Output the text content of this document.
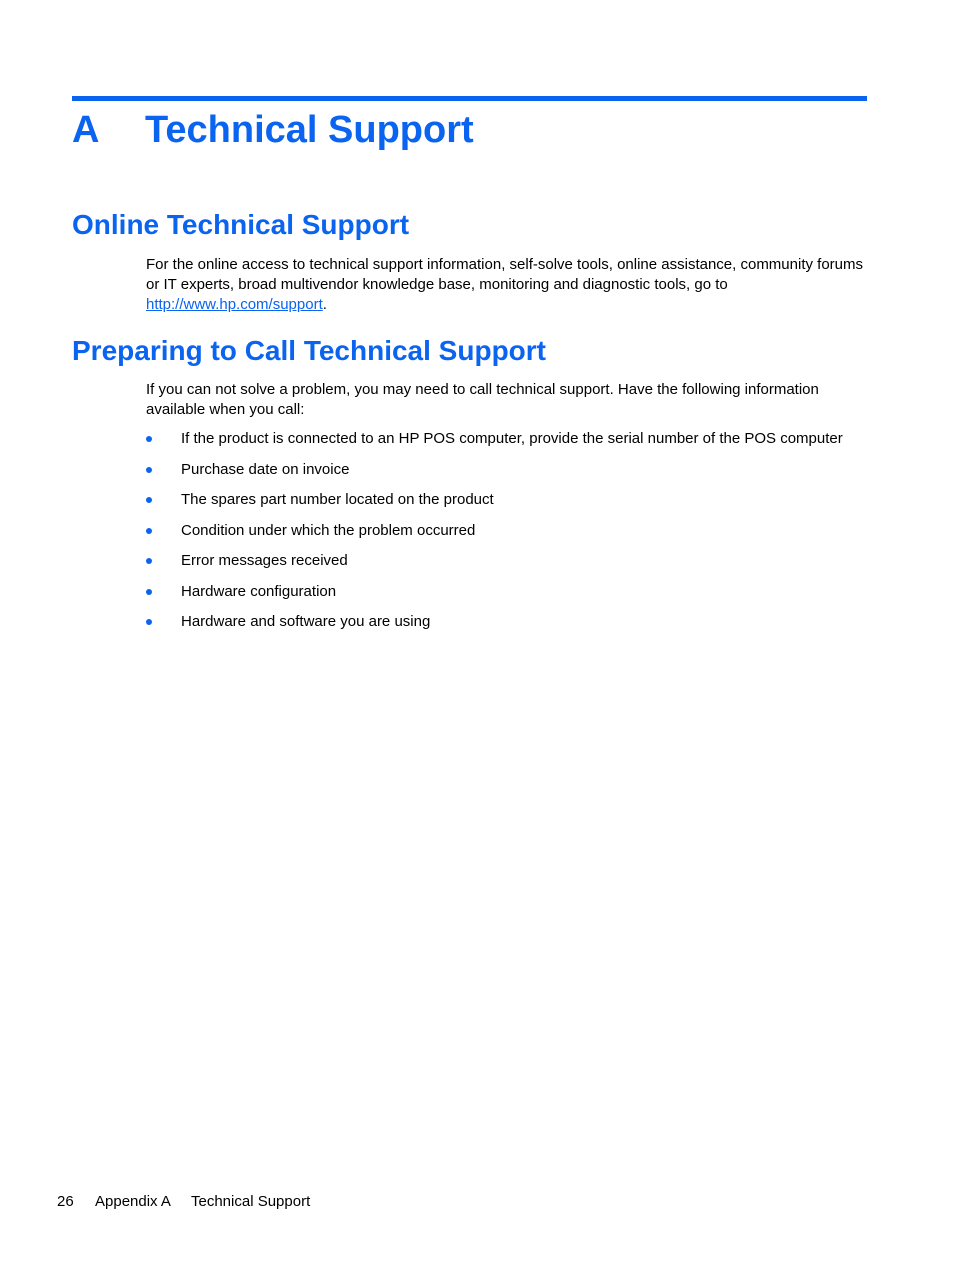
A Technical Support
Online Technical Support

For the online access to technical support information, self-solve tools, online assistance, community forums or IT experts, broad multivendor knowledge base, monitoring and diagnostic tools, go to http://www.hp.com/support.

Preparing to Call Technical Support

If you can not solve a problem, you may need to call technical support. Have the following information available when you call:

If the product is connected to an HP POS computer, provide the serial number of the POS computer
Purchase date on invoice
The spares part number located on the product
Condition under which the problem occurred
Error messages received
Hardware configuration
Hardware and software you are using
26 Appendix A Technical Support
